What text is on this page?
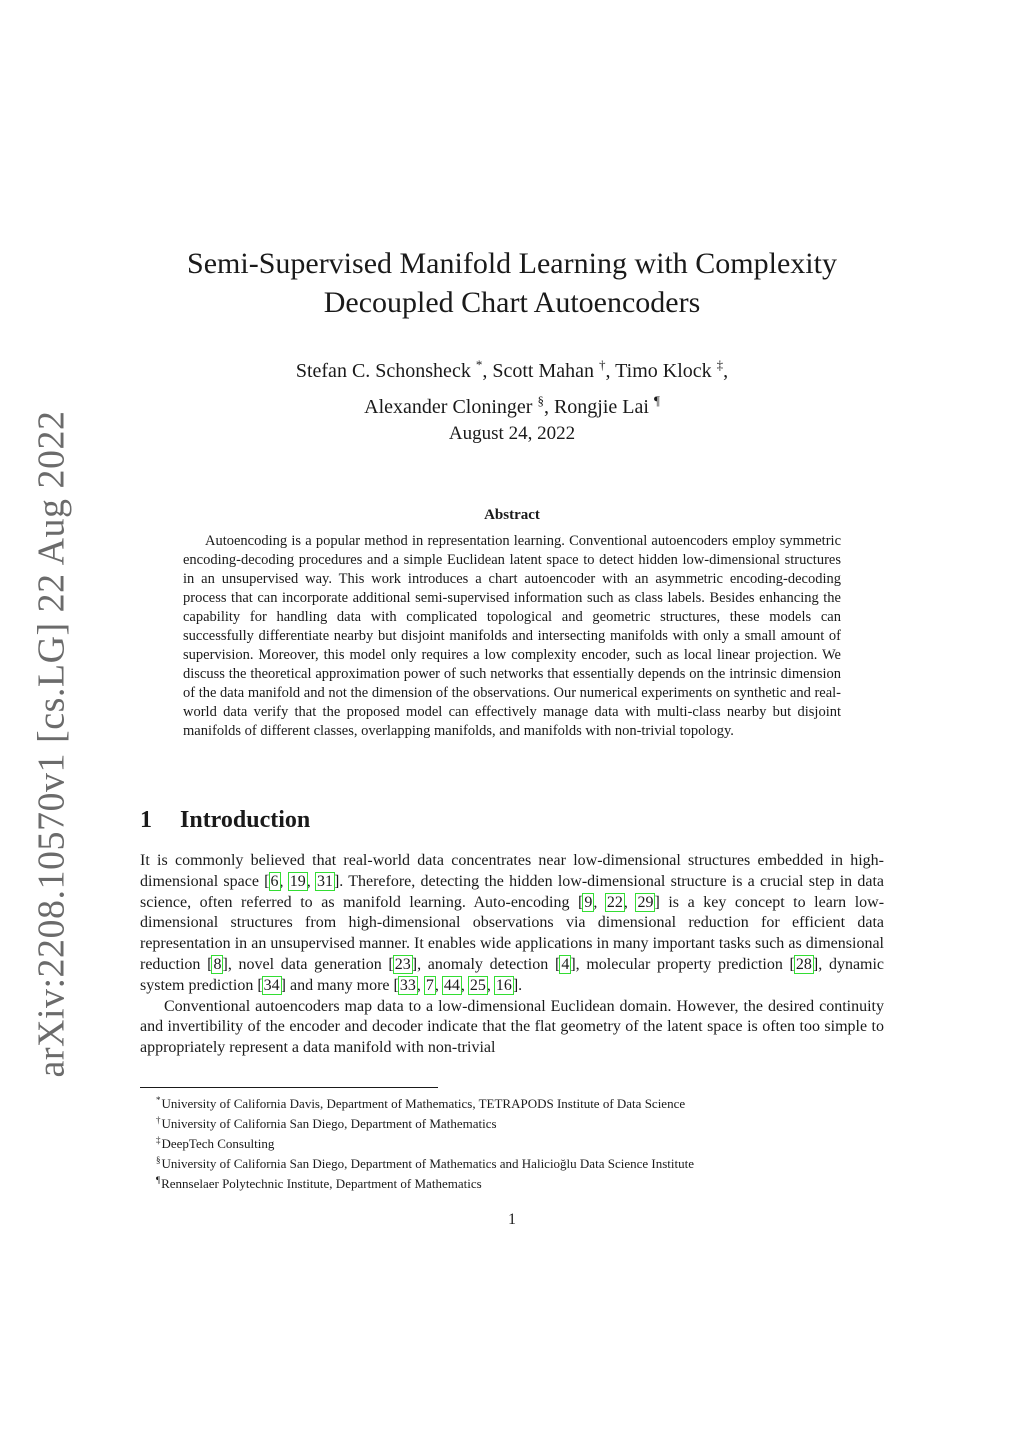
arXiv:2208.10570v1 [cs.LG] 22 Aug 2022
Semi-Supervised Manifold Learning with Complexity
Decoupled Chart Autoencoders
Stefan C. Schonsheck *, Scott Mahan †, Timo Klock ‡,
Alexander Cloninger §, Rongjie Lai ¶
August 24, 2022
Abstract
Autoencoding is a popular method in representation learning. Conventional autoencoders employ symmetric encoding-decoding procedures and a simple Euclidean latent space to detect hidden low-dimensional structures in an unsupervised way. This work introduces a chart autoencoder with an asymmetric encoding-decoding process that can incorporate additional semi-supervised information such as class labels. Besides enhancing the capability for handling data with complicated topological and geometric structures, these models can successfully differentiate nearby but disjoint manifolds and intersecting manifolds with only a small amount of supervision. Moreover, this model only requires a low complexity encoder, such as local linear projection. We discuss the theoretical approximation power of such networks that essentially depends on the intrinsic dimension of the data manifold and not the dimension of the observations. Our numerical experiments on synthetic and real-world data verify that the proposed model can effectively manage data with multi-class nearby but disjoint manifolds of different classes, overlapping manifolds, and manifolds with non-trivial topology.
1 Introduction

It is commonly believed that real-world data concentrates near low-dimensional structures embedded in high-dimensional space [6, 19, 31]. Therefore, detecting the hidden low-dimensional structure is a crucial step in data science, often referred to as manifold learning. Auto-encoding [9, 22, 29] is a key concept to learn low-dimensional structures from high-dimensional observations via dimensional reduction for efficient data representation in an unsupervised manner. It enables wide applications in many important tasks such as dimensional reduction [8], novel data generation [23], anomaly detection [4], molecular property prediction [28], dynamic system prediction [34] and many more [33, 7, 44, 25, 16].

Conventional autoencoders map data to a low-dimensional Euclidean domain. However, the desired continuity and invertibility of the encoder and decoder indicate that the flat geometry of the latent space is often too simple to appropriately represent a data manifold with non-trivial

*University of California Davis, Department of Mathematics, TETRAPODS Institute of Data Science
†University of California San Diego, Department of Mathematics
‡DeepTech Consulting
§University of California San Diego, Department of Mathematics and Halicioğlu Data Science Institute
¶Rennselaer Polytechnic Institute, Department of Mathematics
1
